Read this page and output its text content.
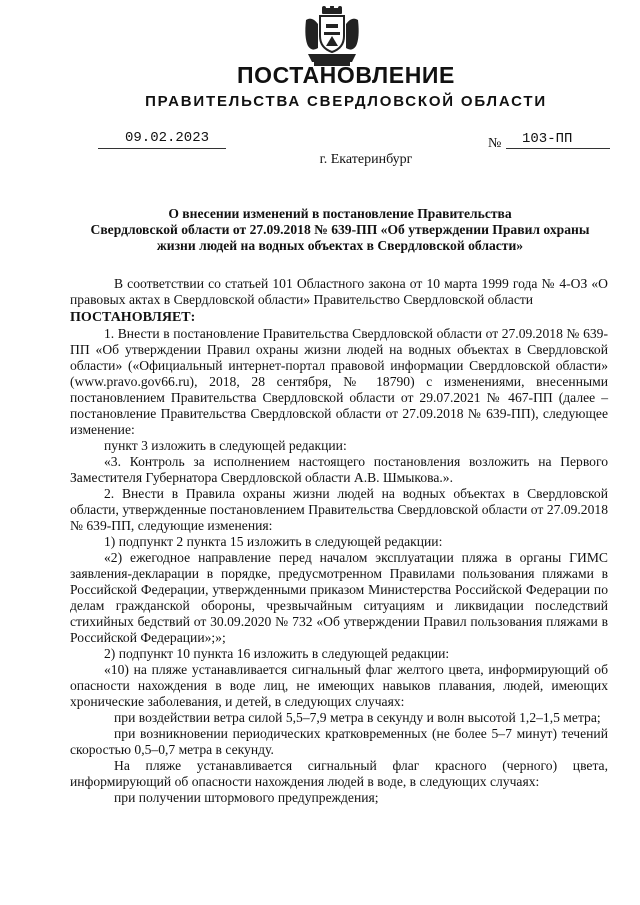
ПОСТАНОВЛЕНИЕ
ПРАВИТЕЛЬСТВА СВЕРДЛОВСКОЙ ОБЛАСТИ
09.02.2023	№	103-ПП
г. Екатеринбург
О внесении изменений в постановление Правительства
Свердловской области от 27.09.2018 № 639-ПП «Об утверждении Правил охраны
жизни людей на водных объектах в Свердловской области»

В соответствии со статьей 101 Областного закона от 10 марта 1999 года № 4-ОЗ «О правовых актах в Свердловской области» Правительство Свердловской области

ПОСТАНОВЛЯЕТ:

1. Внести в постановление Правительства Свердловской области от 27.09.2018 № 639-ПП «Об утверждении Правил охраны жизни людей на водных объектах в Свердловской области» («Официальный интернет-портал правовой информации Свердловской области» (www.pravo.gov66.ru), 2018, 28 сентября, № 18790) с изменениями, внесенными постановлением Правительства Свердловской области от 29.07.2021 № 467-ПП (далее – постановление Правительства Свердловской области от 27.09.2018 № 639-ПП), следующее изменение:

пункт 3 изложить в следующей редакции:

«3. Контроль за исполнением настоящего постановления возложить на Первого Заместителя Губернатора Свердловской области А.В. Шмыкова.».

2. Внести в Правила охраны жизни людей на водных объектах в Свердловской области, утвержденные постановлением Правительства Свердловской области от 27.09.2018 № 639-ПП, следующие изменения:

1) подпункт 2 пункта 15 изложить в следующей редакции:

«2) ежегодное направление перед началом эксплуатации пляжа в органы ГИМС заявления-декларации в порядке, предусмотренном Правилами пользования пляжами в Российской Федерации, утвержденными приказом Министерства Российской Федерации по делам гражданской обороны, чрезвычайным ситуациям и ликвидации последствий стихийных бедствий от 30.09.2020 № 732 «Об утверждении Правил пользования пляжами в Российской Федерации»;»;

2) подпункт 10 пункта 16 изложить в следующей редакции:

«10) на пляже устанавливается сигнальный флаг желтого цвета, информирующий об опасности нахождения в воде лиц, не имеющих навыков плавания, людей, имеющих хронические заболевания, и детей, в следующих случаях:

при воздействии ветра силой 5,5–7,9 метра в секунду и волн высотой 1,2–1,5 метра;

при возникновении периодических кратковременных (не более 5–7 минут) течений скоростью 0,5–0,7 метра в секунду.

На пляже устанавливается сигнальный флаг красного (черного) цвета, информирующий об опасности нахождения людей в воде, в следующих случаях:

при получении штормового предупреждения;
